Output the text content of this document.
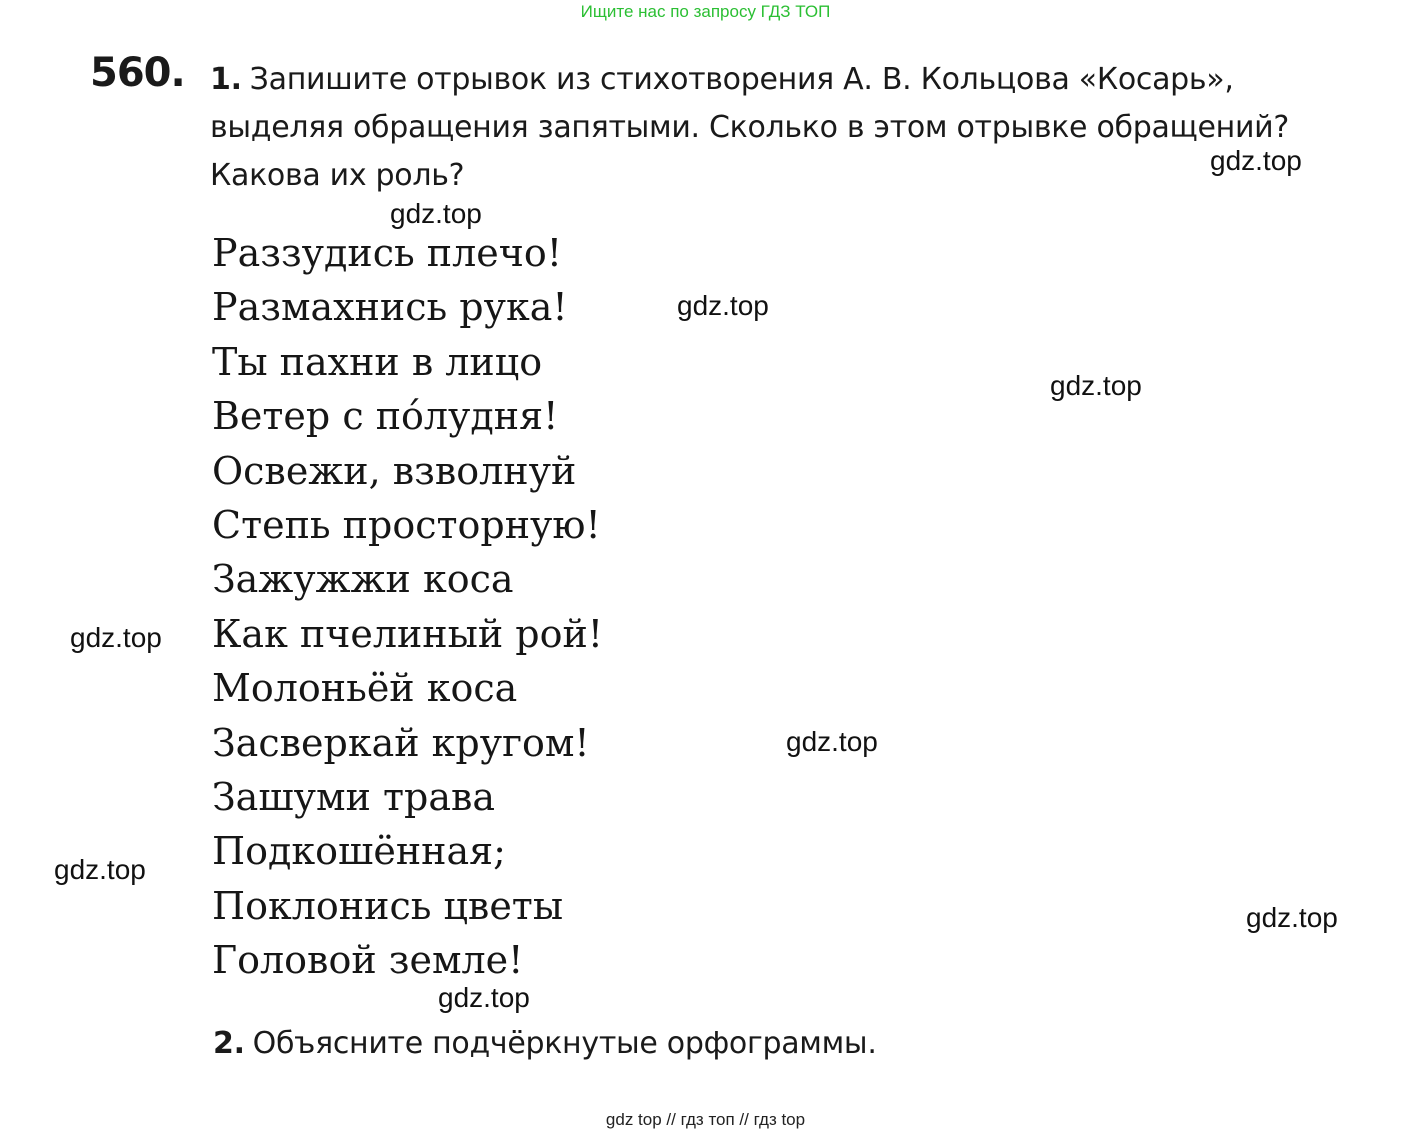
Ищите нас по запросу ГДЗ ТОП
560. 1. Запишите отрывок из стихотворения А. В. Кольцова «Косарь», выделяя обращения запятыми. Сколько в этом отрывке обращений? Какова их роль?
Раззудись плечо!
Размахнись рука!
Ты пахни в лицо
Ветер с пóлудня!
Освежи, взволнуй
Степь просторную!
Зажужжи коса
Как пчелиный рой!
Молоньёй коса
Засверкай кругом!
Зашуми трава
Подкошённая;
Поклонись цветы
Головой земле!
2. Объясните подчёркнутые орфограммы.
gdz.top
gdz.top
gdz.top
gdz.top
gdz.top
gdz.top
gdz.top
gdz.top
gdz.top
gdz top // гдз топ // гдз top
